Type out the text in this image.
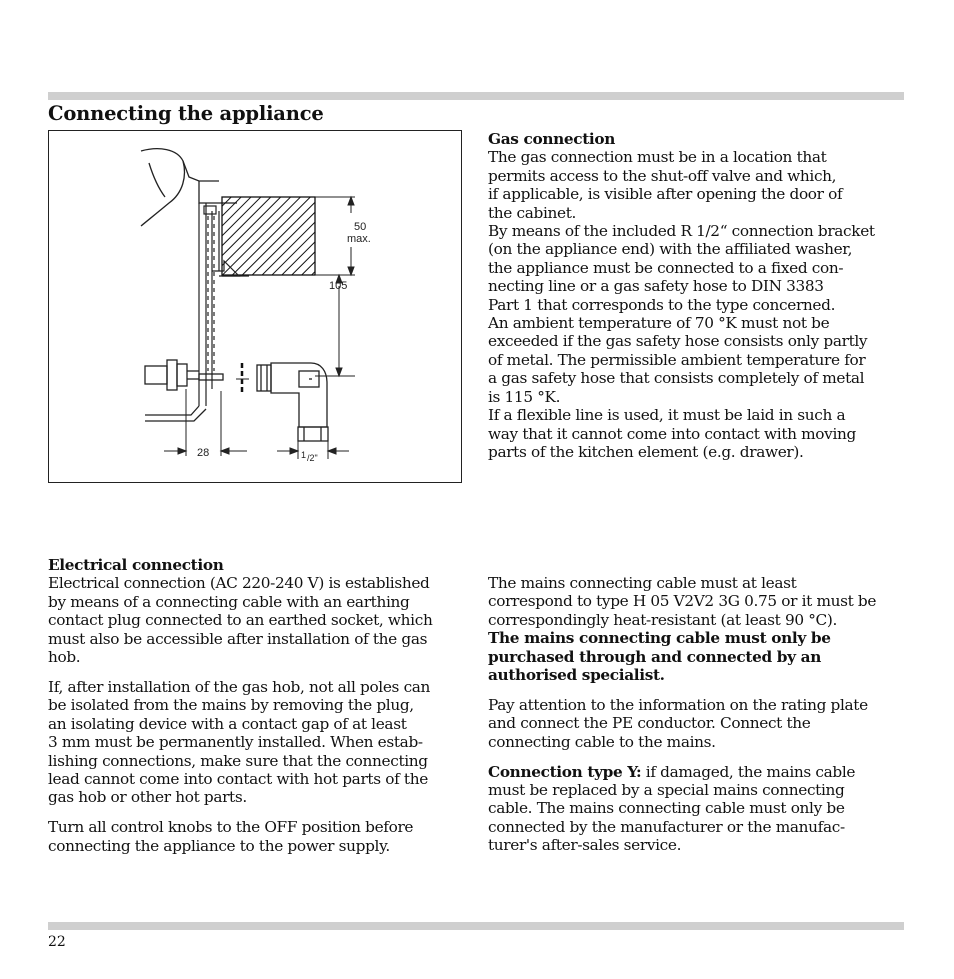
Connecting the appliance
50
max.
105
28	1 /2"

Gas connection

The gas connection must be in a location that

permits access to the shut-off valve and which,

if applicable, is visible after opening the door of

the cabinet.

By means of the included R 1/2“ connection bracket

(on the appliance end) with the affiliated washer,

the appliance must be connected to a fixed con-

necting line or a gas safety hose to DIN 3383

Part 1 that corresponds to the type concerned.

An ambient temperature of 70 °K must not be

exceeded if the gas safety hose consists only partly

of metal. The permissible ambient temperature for

a gas safety hose that consists completely of metal

is 115 °K.

If a flexible line is used, it must be laid in such a

way that it cannot come into contact with moving

parts of the kitchen element (e.g. drawer).

Electrical connection

Electrical connection (AC 220-240 V) is established

by means of a connecting cable with an earthing

contact plug connected to an earthed socket, which

must also be accessible after installation of the gas

hob.

If, after installation of the gas hob, not all poles can

be isolated from the mains by removing the plug,

an isolating device with a contact gap of at least

3 mm must be permanently installed. When estab-

lishing connections, make sure that the connecting

lead cannot come into contact with hot parts of the

gas hob or other hot parts.

Turn all control knobs to the OFF position before

connecting the appliance to the power supply.

The mains connecting cable must at least

correspond to type H 05 V2V2 3G 0.75 or it must be

correspondingly heat-resistant (at least 90 °C).

The mains connecting cable must only be

purchased through and connected by an

authorised specialist.

Pay attention to the information on the rating plate

and connect the PE conductor. Connect the

connecting cable to the mains.

Connection type Y: if damaged, the mains cable

must be replaced by a special mains connecting

cable. The mains connecting cable must only be

connected by the manufacturer or the manufac-

turer's after-sales service.

22
